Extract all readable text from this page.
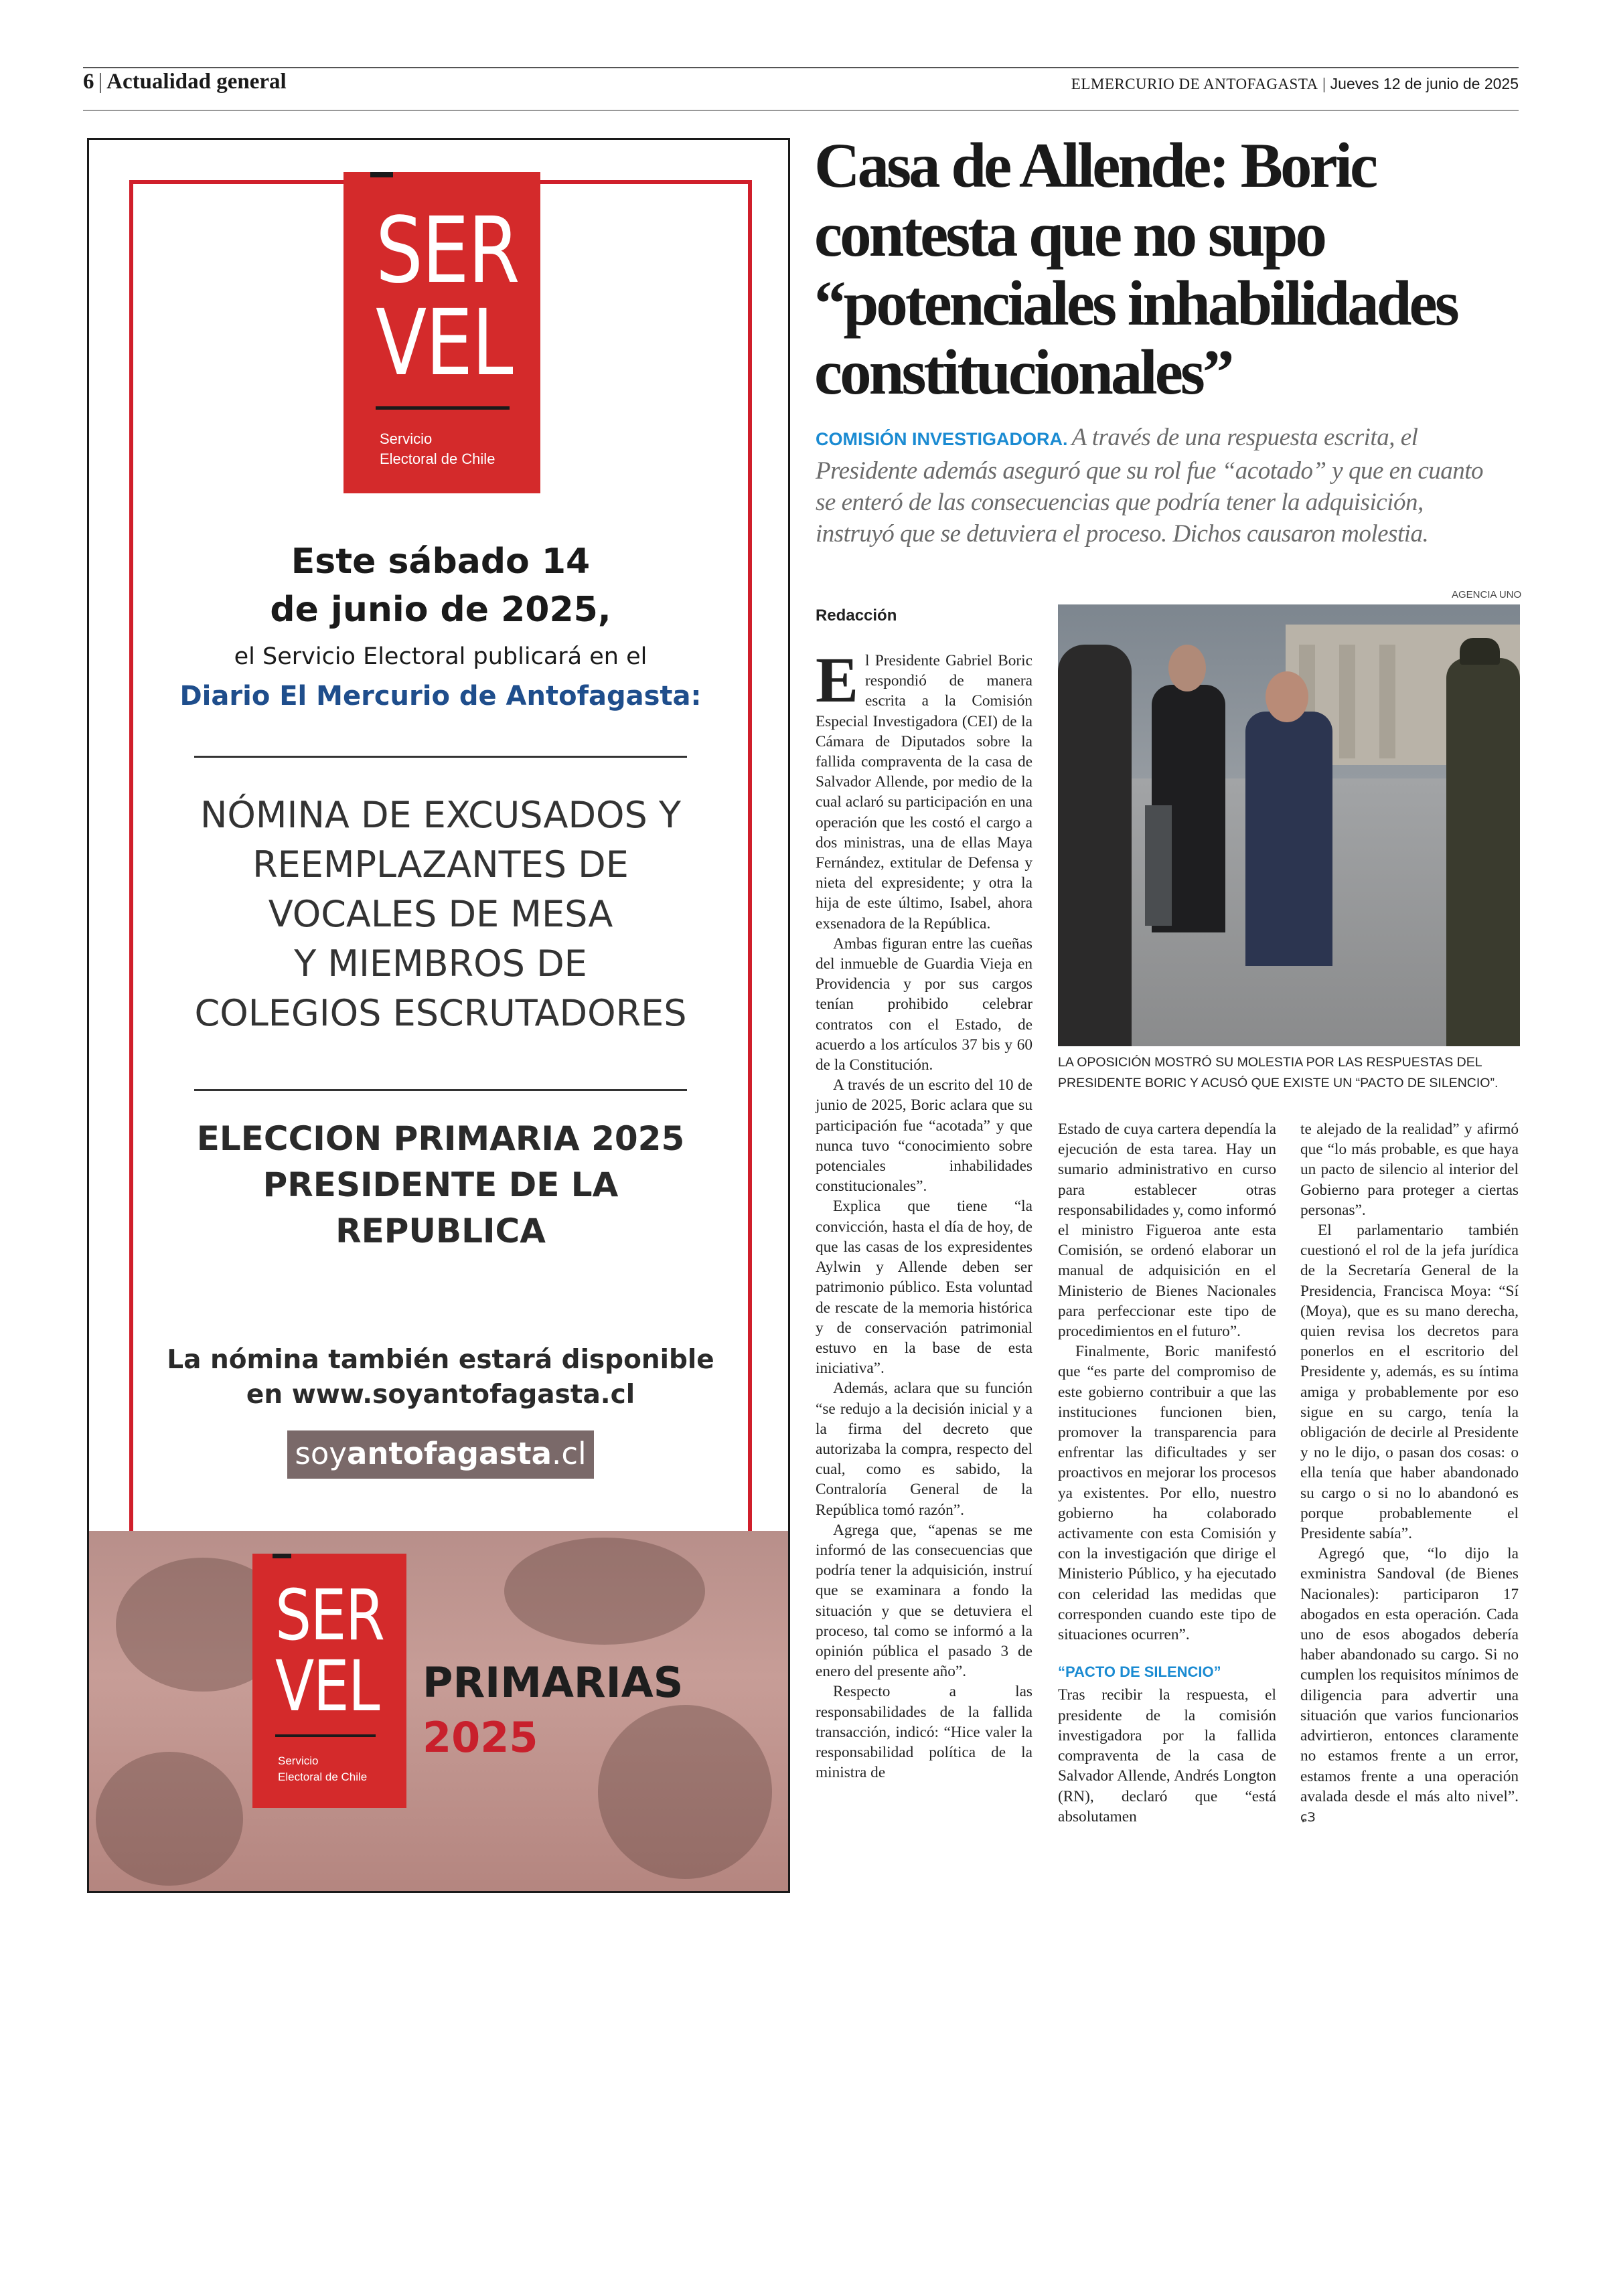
6 | Actualidad general	ELMERCURIO DE ANTOFAGASTA | Jueves 12 de junio de 2025
SER
VEL
Servicio
Electoral de Chile
Este sábado 14
de junio de 2025,
el Servicio Electoral publicará en el
Diario El Mercurio de Antofagasta:
NÓMINA DE EXCUSADOS Y
REEMPLAZANTES DE
VOCALES DE MESA
Y MIEMBROS DE
COLEGIOS ESCRUTADORES
ELECCION PRIMARIA 2025
PRESIDENTE DE LA
REPUBLICA
La nómina también estará disponible
en www.soyantofagasta.cl
soyantofagasta.cl
SER
VEL
Servicio
Electoral de Chile
PRIMARIAS
2025
Casa de Allende: Boric contesta que no supo “potenciales inhabilidades constitucionales”
COMISIÓN INVESTIGADORA. A través de una respuesta escrita, el Presidente además aseguró que su rol fue “acotado” y que en cuanto se enteró de las consecuencias que podría tener la adquisición, instruyó que se detuviera el proceso. Dichos causaron molestia.
Redacción
AGENCIA UNO
LA OPOSICIÓN MOSTRÓ SU MOLESTIA POR LAS RESPUESTAS DEL PRESIDENTE BORIC Y ACUSÓ QUE EXISTE UN “PACTO DE SILENCIO”.

El Presidente Gabriel Boric respondió de manera escrita a la Comisión Especial Investigadora (CEI) de la Cámara de Diputados sobre la fallida compraventa de la casa de Salvador Allende, por medio de la cual aclaró su participación en una operación que les costó el cargo a dos ministras, una de ellas Maya Fernández, extitular de Defensa y nieta del expresidente; y otra la hija de este último, Isabel, ahora exsenadora de la República.

Ambas figuran entre las cueñas del inmueble de Guardia Vieja en Providencia y por sus cargos tenían prohibido celebrar contratos con el Estado, de acuerdo a los artículos 37 bis y 60 de la Constitución.

A través de un escrito del 10 de junio de 2025, Boric aclara que su participación fue “acotada” y que nunca tuvo “conocimiento sobre potenciales inhabilidades constitucionales”.

Explica que tiene “la convicción, hasta el día de hoy, de que las casas de los expresidentes Aylwin y Allende deben ser patrimonio público. Esta voluntad de rescate de la memoria histórica y de conservación patrimonial estuvo en la base de esta iniciativa”.

Además, aclara que su función “se redujo a la decisión inicial y a la firma del decreto que autorizaba la compra, respecto del cual, como es sabido, la Contraloría General de la República tomó razón”.

Agrega que, “apenas se me informó de las consecuencias que podría tener la adquisición, instruí que se examinara a fondo la situación y que se detuviera el proceso, tal como se informó a la opinión pública el pasado 3 de enero del presente año”.

Respecto a las responsabilidades de la fallida transacción, indicó: “Hice valer la responsabilidad política de la ministra de

Estado de cuya cartera dependía la ejecución de esta tarea. Hay un sumario administrativo en curso para establecer otras responsabilidades y, como informó el ministro Figueroa ante esta Comisión, se ordenó elaborar un manual de adquisición en el Ministerio de Bienes Nacionales para perfeccionar este tipo de procedimientos en el futuro”.

Finalmente, Boric manifestó que “es parte del compromiso de este gobierno contribuir a que las instituciones funcionen bien, promover la transparencia para enfrentar las dificultades y ser proactivos en mejorar los procesos ya existentes. Por ello, nuestro gobierno ha colaborado activamente con esta Comisión y con la investigación que dirige el Ministerio Público, y ha ejecutado con celeridad las medidas que corresponden cuando este tipo de situaciones ocurren”.

“PACTO DE SILENCIO”

Tras recibir la respuesta, el presidente de la comisión investigadora por la fallida compraventa de la casa de Salvador Allende, Andrés Longton (RN), declaró que “está absolutamen

te alejado de la realidad” y afirmó que “lo más probable, es que haya un pacto de silencio al interior del Gobierno para proteger a ciertas personas”.

El parlamentario también cuestionó el rol de la jefa jurídica de la Secretaría General de la Presidencia, Francisca Moya: “Sí (Moya), que es su mano derecha, quien revisa los decretos para ponerlos en el escritorio del Presidente y, además, es su íntima amiga y probablemente por eso sigue en su cargo, tenía la obligación de decirle al Presidente y no le dijo, o pasan dos cosas: o ella tenía que haber abandonado su cargo o si no lo abandonó es porque probablemente el Presidente sabía”.

Agregó que, “lo dijo la exministra Sandoval (de Bienes Nacionales): participaron 17 abogados en esta operación. Cada uno de esos abogados debería haber abandonado su cargo. Si no cumplen los requisitos mínimos de diligencia para advertir una situación que varios funcionarios advirtieron, entonces claramente no estamos frente a un error, estamos frente a una operación avalada desde el más alto nivel”. ɕЗ
